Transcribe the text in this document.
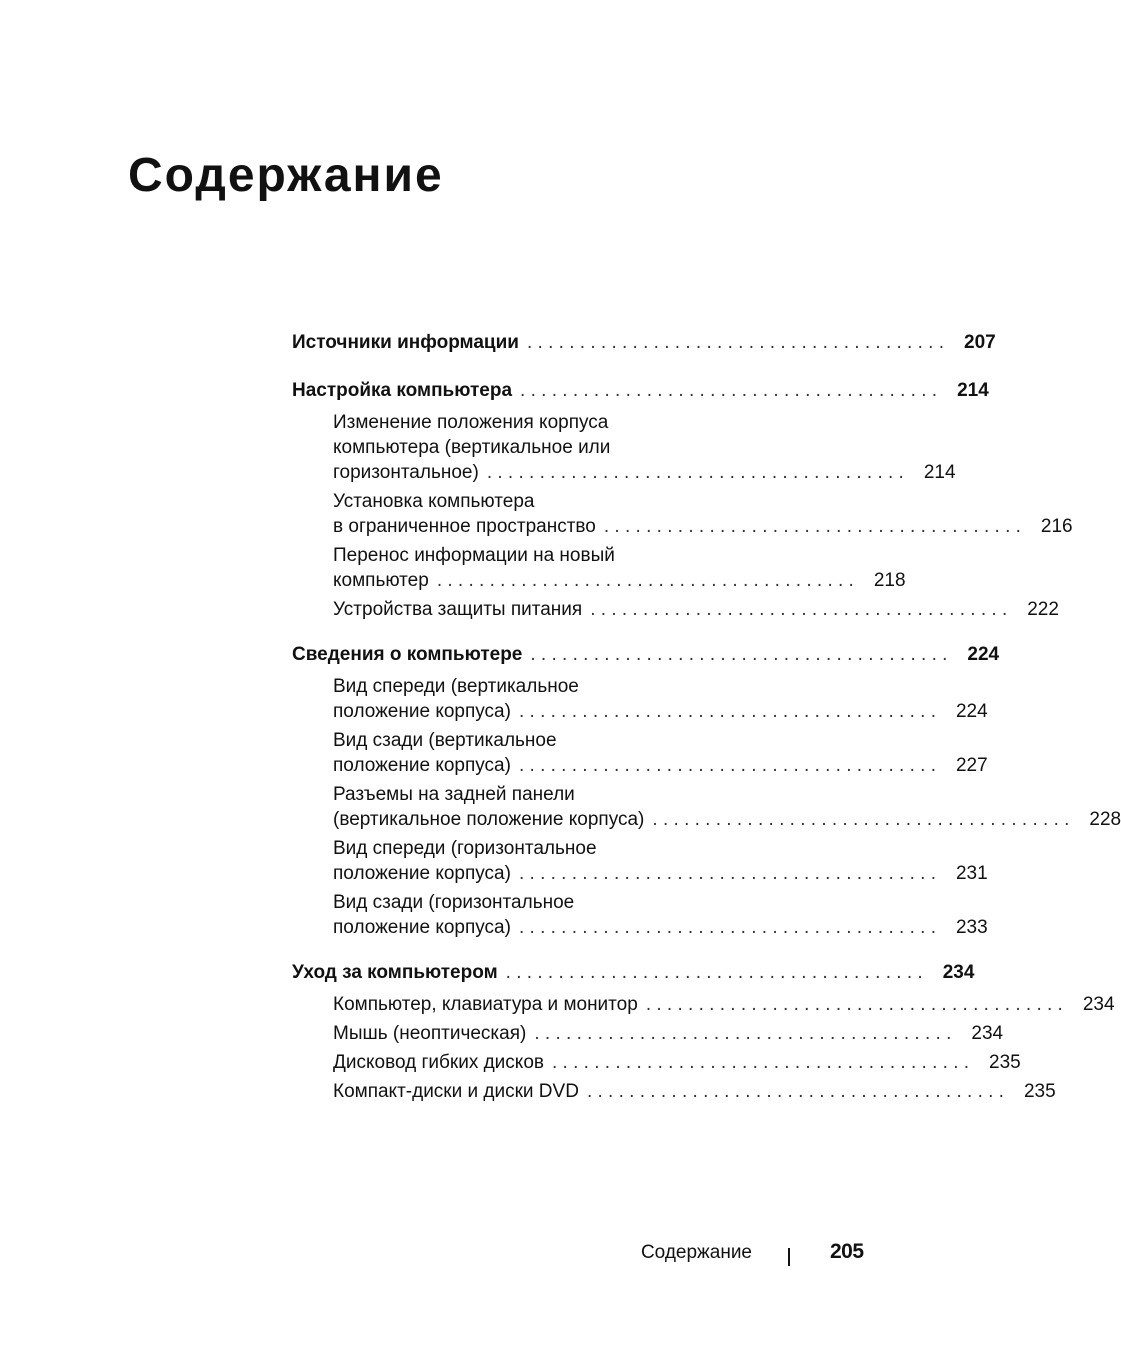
Содержание
Источники информации . . . . . . . . . . . . . . . . . . . . . . . . . . . . . . . . . . . . . . . .	207
Настройка компьютера . . . . . . . . . . . . . . . . . . . . . . . . . . . . . . . . . . . . . . . .	214
Изменение положения корпуса
компьютера (вертикальное или
горизонтальное) . . . . . . . . . . . . . . . . . . . . . . . . . . . . . . . . . . . . . . . .	214
Установка компьютера
в ограниченное пространство . . . . . . . . . . . . . . . . . . . . . . . . . . . . . . . . . . . . . . . .	216
Перенос информации на новый
компьютер . . . . . . . . . . . . . . . . . . . . . . . . . . . . . . . . . . . . . . . .	218
Устройства защиты питания . . . . . . . . . . . . . . . . . . . . . . . . . . . . . . . . . . . . . . . .	222
Сведения о компьютере . . . . . . . . . . . . . . . . . . . . . . . . . . . . . . . . . . . . . . . .	224
Вид спереди (вертикальное
положение корпуса) . . . . . . . . . . . . . . . . . . . . . . . . . . . . . . . . . . . . . . . .	224
Вид сзади (вертикальное
положение корпуса) . . . . . . . . . . . . . . . . . . . . . . . . . . . . . . . . . . . . . . . .	227
Разъемы на задней панели
(вертикальное положение корпуса) . . . . . . . . . . . . . . . . . . . . . . . . . . . . . . . . . . . . . . . .	228
Вид спереди (горизонтальное
положение корпуса) . . . . . . . . . . . . . . . . . . . . . . . . . . . . . . . . . . . . . . . .	231
Вид сзади (горизонтальное
положение корпуса) . . . . . . . . . . . . . . . . . . . . . . . . . . . . . . . . . . . . . . . .	233
Уход за компьютером . . . . . . . . . . . . . . . . . . . . . . . . . . . . . . . . . . . . . . . .	234
Компьютер, клавиатура и монитор . . . . . . . . . . . . . . . . . . . . . . . . . . . . . . . . . . . . . . . .	234
Мышь (неоптическая) . . . . . . . . . . . . . . . . . . . . . . . . . . . . . . . . . . . . . . . .	234
Дисковод гибких дисков . . . . . . . . . . . . . . . . . . . . . . . . . . . . . . . . . . . . . . . .	235
Компакт-диски и диски DVD . . . . . . . . . . . . . . . . . . . . . . . . . . . . . . . . . . . . . . . .	235
Содержание	205
